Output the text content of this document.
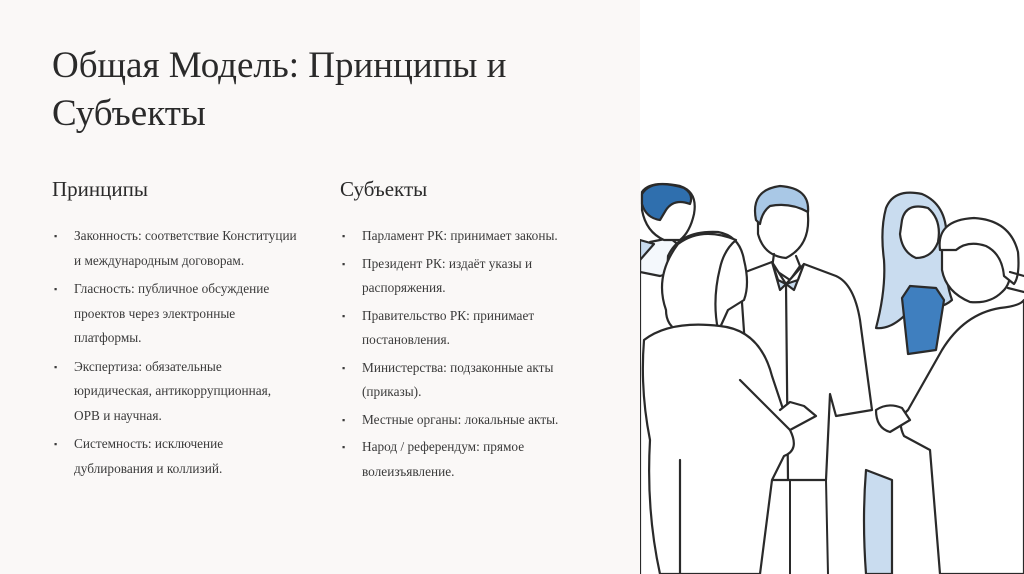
Общая Модель: Принципы и Субъекты
Принципы
▪ Законность: соответствие Конституции и международным договорам.
▪ Гласность: публичное обсуждение проектов через электронные платформы.
▪ Экспертиза: обязательные юридическая, антикоррупционная, ОРВ и научная.
▪ Системность: исключение дублирования и коллизий.
Субъекты
▪ Парламент РК: принимает законы.
▪ Президент РК: издаёт указы и распоряжения.
▪ Правительство РК: принимает постановления.
▪ Министерства: подзаконные акты (приказы).
▪ Местные органы: локальные акты.
▪ Народ / референдум: прямое волеизъявление.
